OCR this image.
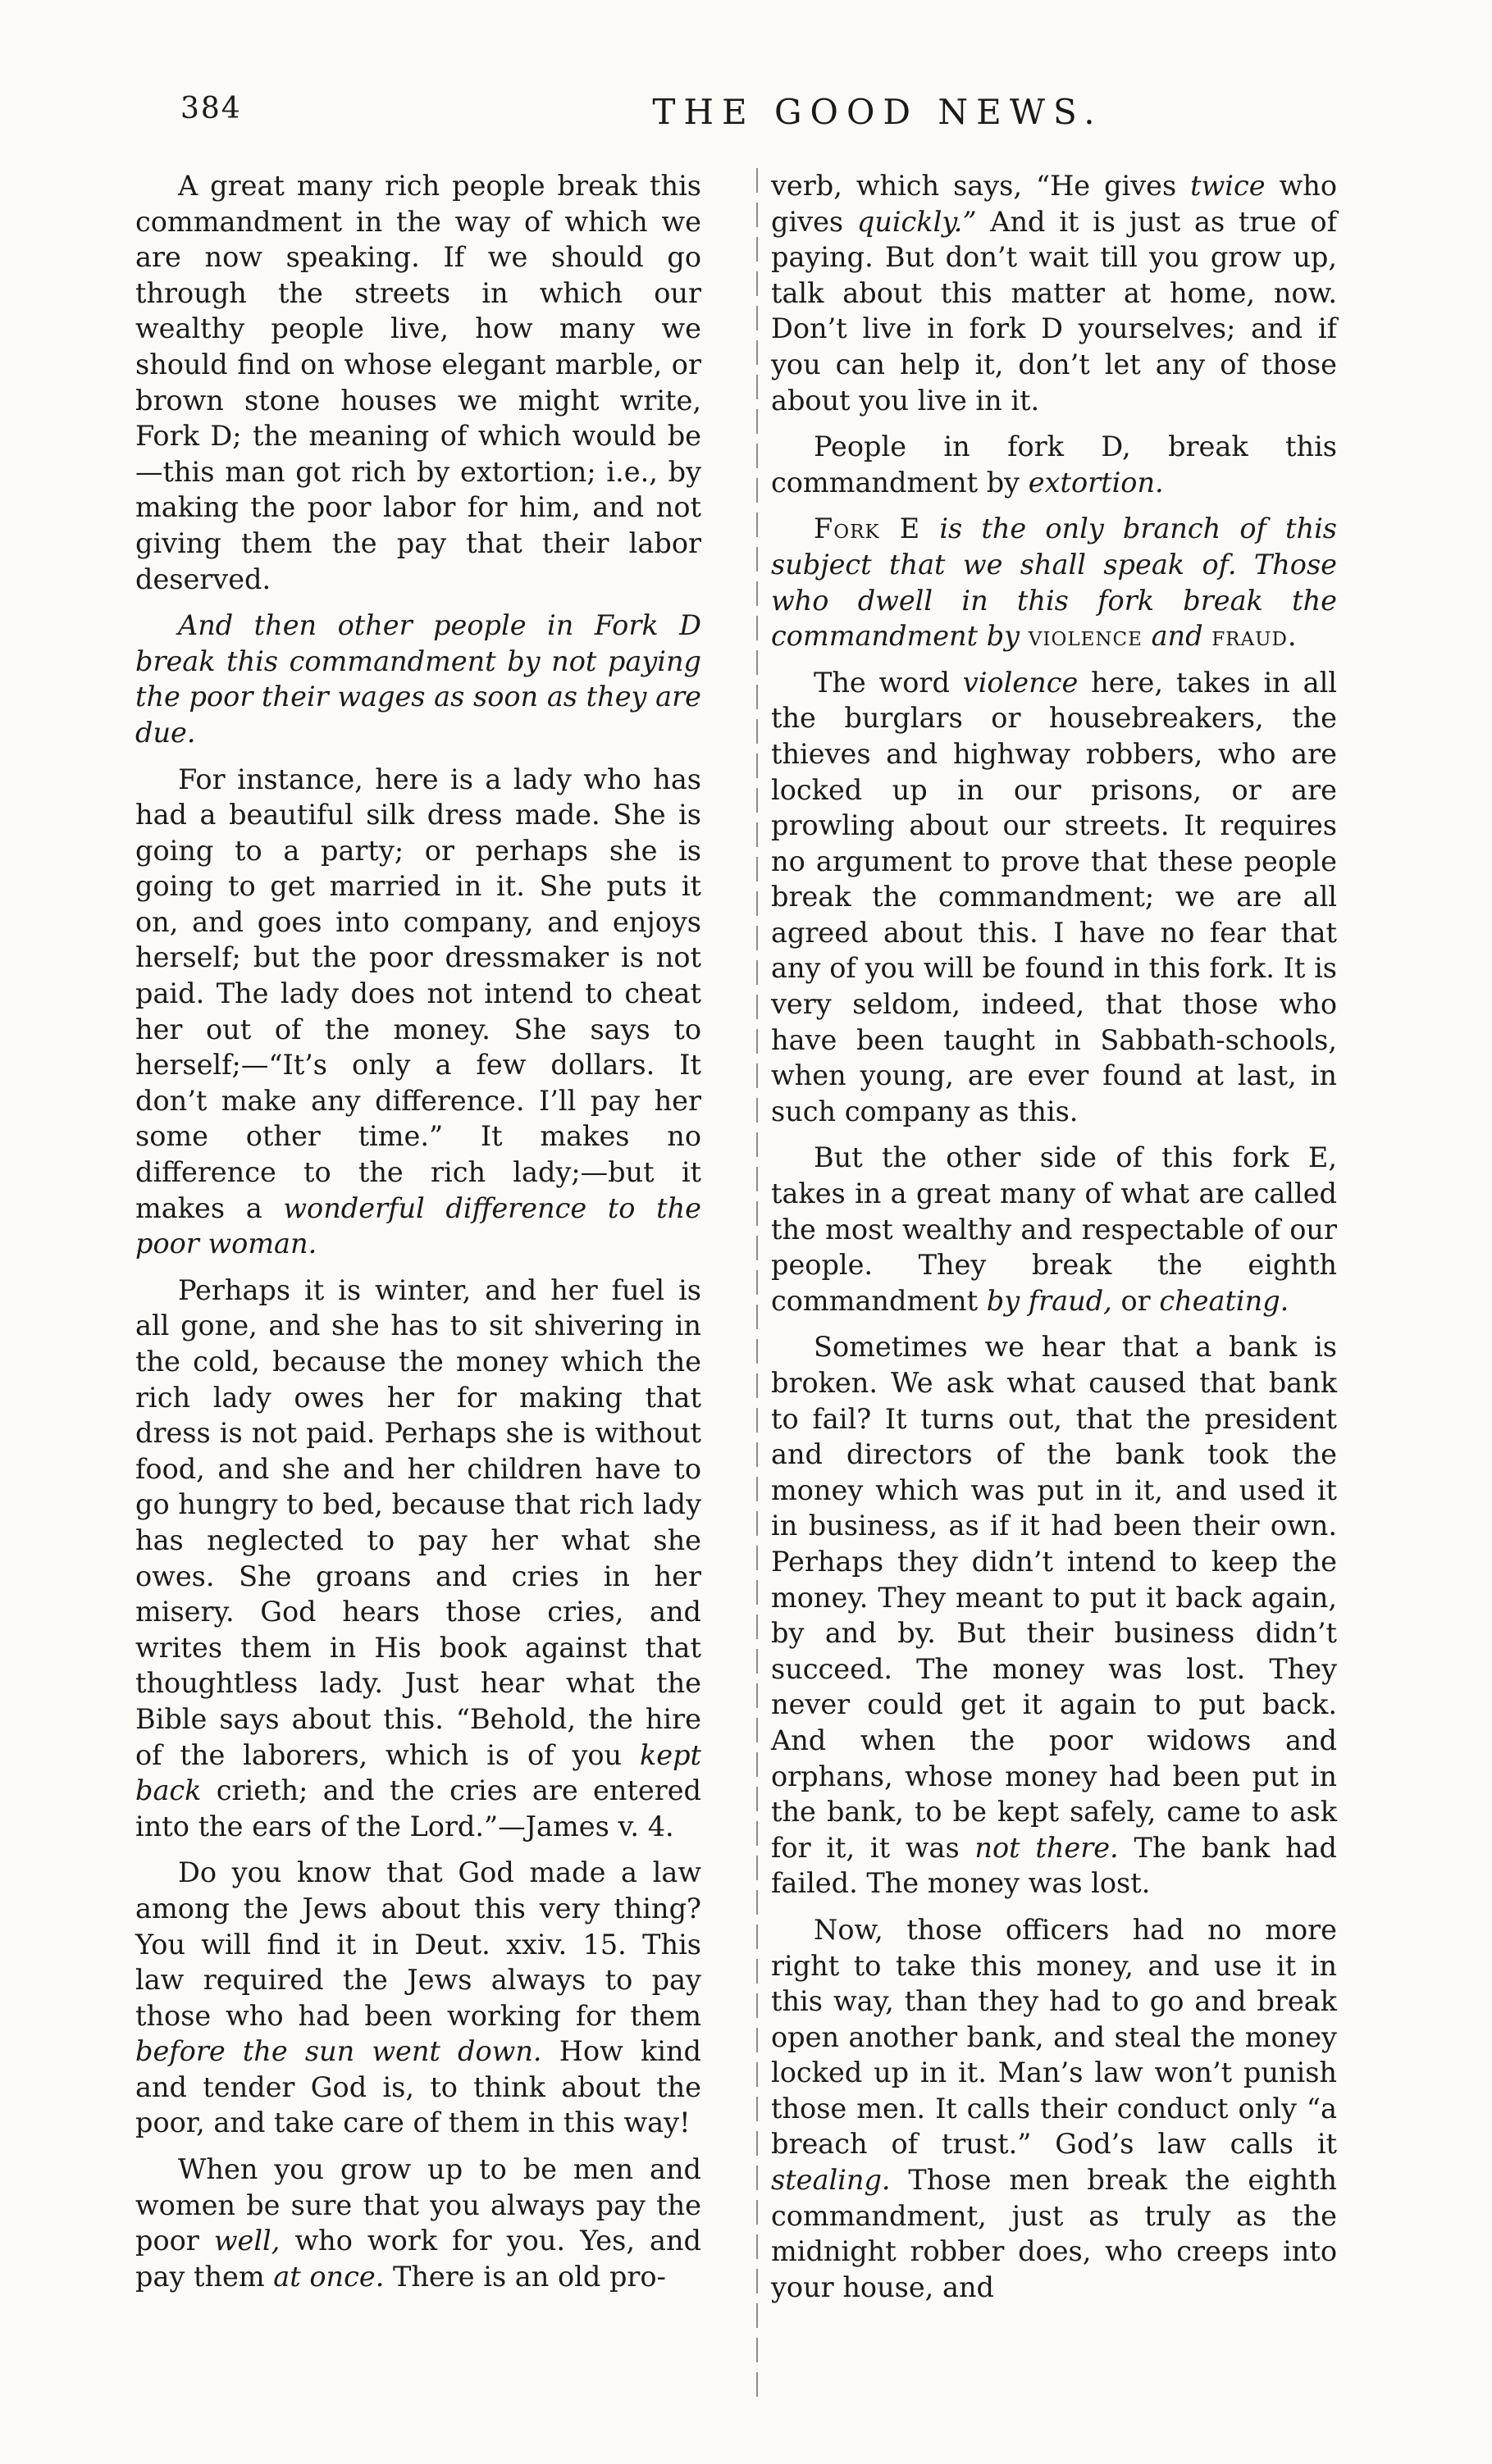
384	THE GOOD NEWS.

A great many rich people break this commandment in the way of which we are now speaking. If we should go through the streets in which our wealthy people live, how many we should find on whose elegant marble, or brown stone houses we might write, Fork D; the meaning of which would be—this man got rich by extortion; i.e., by making the poor labor for him, and not giving them the pay that their labor deserved.

And then other people in Fork D break this commandment by not paying the poor their wages as soon as they are due.

For instance, here is a lady who has had a beautiful silk dress made. She is going to a party; or perhaps she is going to get married in it. She puts it on, and goes into company, and enjoys herself; but the poor dressmaker is not paid. The lady does not intend to cheat her out of the money. She says to herself;—“It’s only a few dollars. It don’t make any difference. I’ll pay her some other time.” It makes no difference to the rich lady;—but it makes a wonderful difference to the poor woman.

Perhaps it is winter, and her fuel is all gone, and she has to sit shivering in the cold, because the money which the rich lady owes her for making that dress is not paid. Perhaps she is without food, and she and her children have to go hungry to bed, because that rich lady has neglected to pay her what she owes. She groans and cries in her misery. God hears those cries, and writes them in His book against that thoughtless lady. Just hear what the Bible says about this. “Behold, the hire of the laborers, which is of you kept back crieth; and the cries are entered into the ears of the Lord.”—James v. 4.

Do you know that God made a law among the Jews about this very thing? You will find it in Deut. xxiv. 15. This law required the Jews always to pay those who had been working for them before the sun went down. How kind and tender God is, to think about the poor, and take care of them in this way!

When you grow up to be men and women be sure that you always pay the poor well, who work for you. Yes, and pay them at once. There is an old pro-

verb, which says, “He gives twice who gives quickly.” And it is just as true of paying. But don’t wait till you grow up, talk about this matter at home, now. Don’t live in fork D yourselves; and if you can help it, don’t let any of those about you live in it.

People in fork D, break this commandment by extortion.

Fork E is the only branch of this subject that we shall speak of. Those who dwell in this fork break the commandment by violence and fraud.

The word violence here, takes in all the burglars or housebreakers, the thieves and highway robbers, who are locked up in our prisons, or are prowling about our streets. It requires no argument to prove that these people break the commandment; we are all agreed about this. I have no fear that any of you will be found in this fork. It is very seldom, indeed, that those who have been taught in Sabbath-schools, when young, are ever found at last, in such company as this.

But the other side of this fork E, takes in a great many of what are called the most wealthy and respectable of our people. They break the eighth commandment by fraud, or cheating.

Sometimes we hear that a bank is broken. We ask what caused that bank to fail? It turns out, that the president and directors of the bank took the money which was put in it, and used it in business, as if it had been their own. Perhaps they didn’t intend to keep the money. They meant to put it back again, by and by. But their business didn’t succeed. The money was lost. They never could get it again to put back. And when the poor widows and orphans, whose money had been put in the bank, to be kept safely, came to ask for it, it was not there. The bank had failed. The money was lost.

Now, those officers had no more right to take this money, and use it in this way, than they had to go and break open another bank, and steal the money locked up in it. Man’s law won’t punish those men. It calls their conduct only “a breach of trust.” God’s law calls it stealing. Those men break the eighth commandment, just as truly as the midnight robber does, who creeps into your house, and
